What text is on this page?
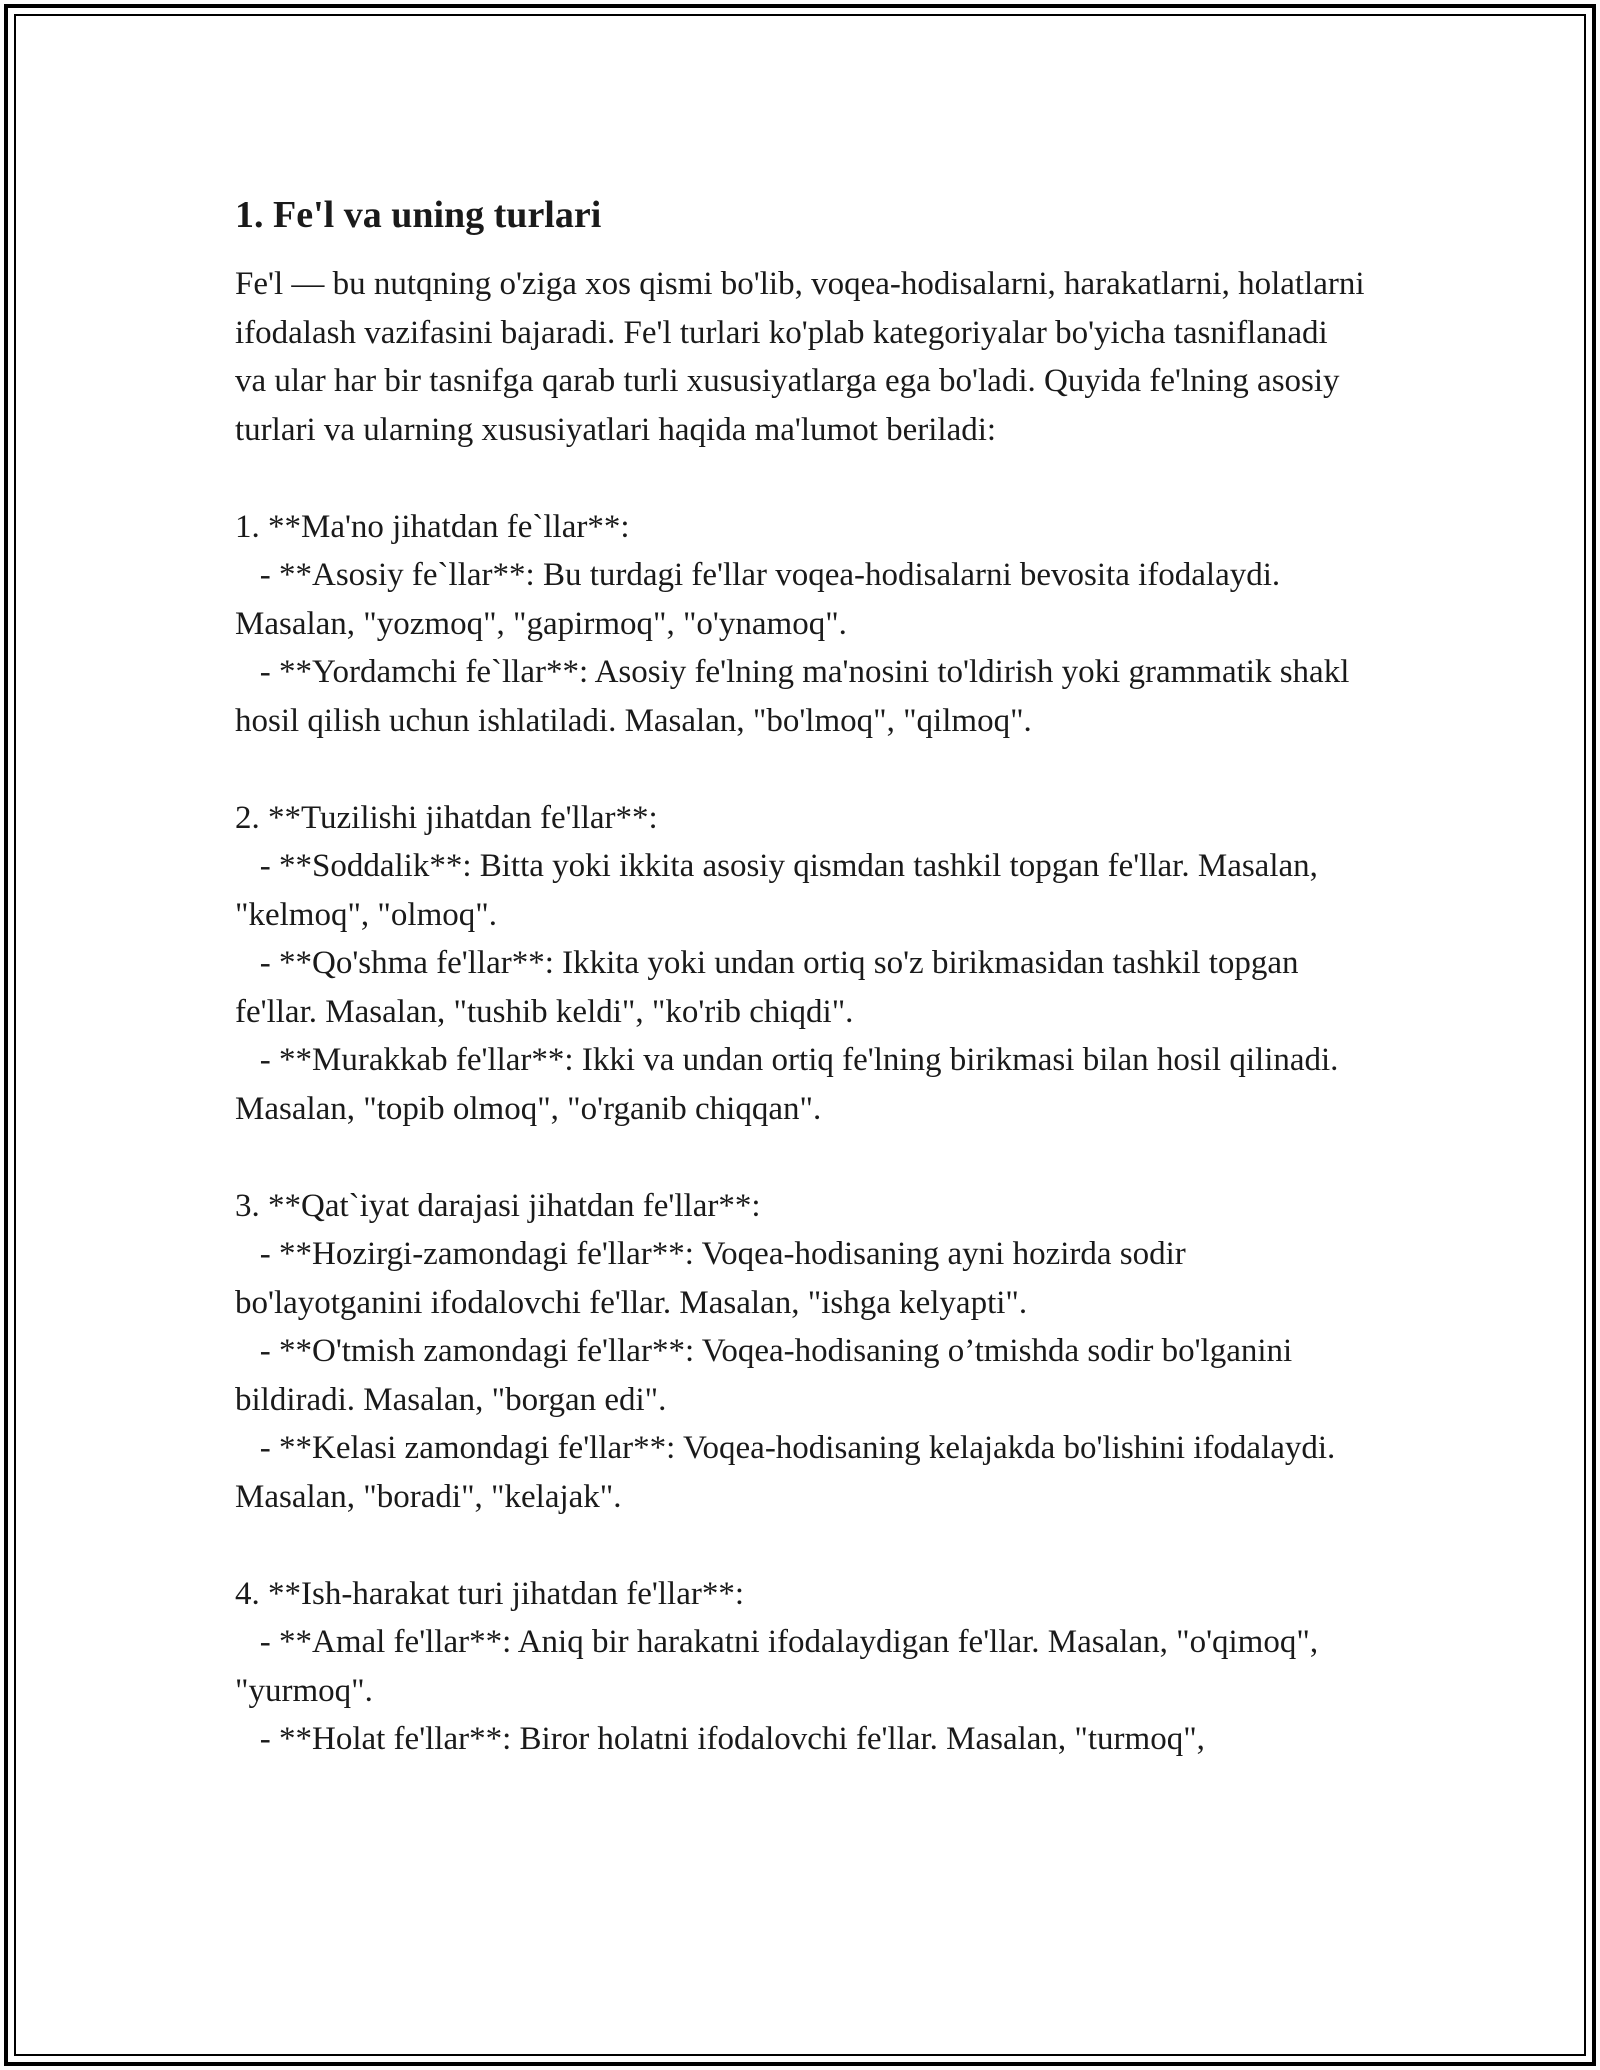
1. Fe'l va uning turlari

Fe'l — bu nutqning o'ziga xos qismi bo'lib, voqea-hodisalarni, harakatlarni, holatlarni ifodalash vazifasini bajaradi. Fe'l turlari ko'plab kategoriyalar bo'yicha tasniflanadi va ular har bir tasnifga qarab turli xususiyatlarga ega bo'ladi. Quyida fe'lning asosiy turlari va ularning xususiyatlari haqida ma'lumot beriladi:

1. **Ma'no jihatdan fe`llar**:

- **Asosiy fe`llar**: Bu turdagi fe'llar voqea-hodisalarni bevosita ifodalaydi. Masalan, "yozmoq", "gapirmoq", "o'ynamoq".

- **Yordamchi fe`llar**: Asosiy fe'lning ma'nosini to'ldirish yoki grammatik shakl hosil qilish uchun ishlatiladi. Masalan, "bo'lmoq", "qilmoq".

2. **Tuzilishi jihatdan fe'llar**:

- **Soddalik**: Bitta yoki ikkita asosiy qismdan tashkil topgan fe'llar. Masalan, "kelmoq", "olmoq".

- **Qo'shma fe'llar**: Ikkita yoki undan ortiq so'z birikmasidan tashkil topgan fe'llar. Masalan, "tushib keldi", "ko'rib chiqdi".

- **Murakkab fe'llar**: Ikki va undan ortiq fe'lning birikmasi bilan hosil qilinadi. Masalan, "topib olmoq", "o'rganib chiqqan".

3. **Qat`iyat darajasi jihatdan fe'llar**:

- **Hozirgi-zamondagi fe'llar**: Voqea-hodisaning ayni hozirda sodir bo'layotganini ifodalovchi fe'llar. Masalan, "ishga kelyapti".

- **O'tmish zamondagi fe'llar**: Voqea-hodisaning o’tmishda sodir bo'lganini bildiradi. Masalan, "borgan edi".

- **Kelasi zamondagi fe'llar**: Voqea-hodisaning kelajakda bo'lishini ifodalaydi. Masalan, "boradi", "kelajak".

4. **Ish-harakat turi jihatdan fe'llar**:

- **Amal fe'llar**: Aniq bir harakatni ifodalaydigan fe'llar. Masalan, "o'qimoq", "yurmoq".

- **Holat fe'llar**: Biror holatni ifodalovchi fe'llar. Masalan, "turmoq",
